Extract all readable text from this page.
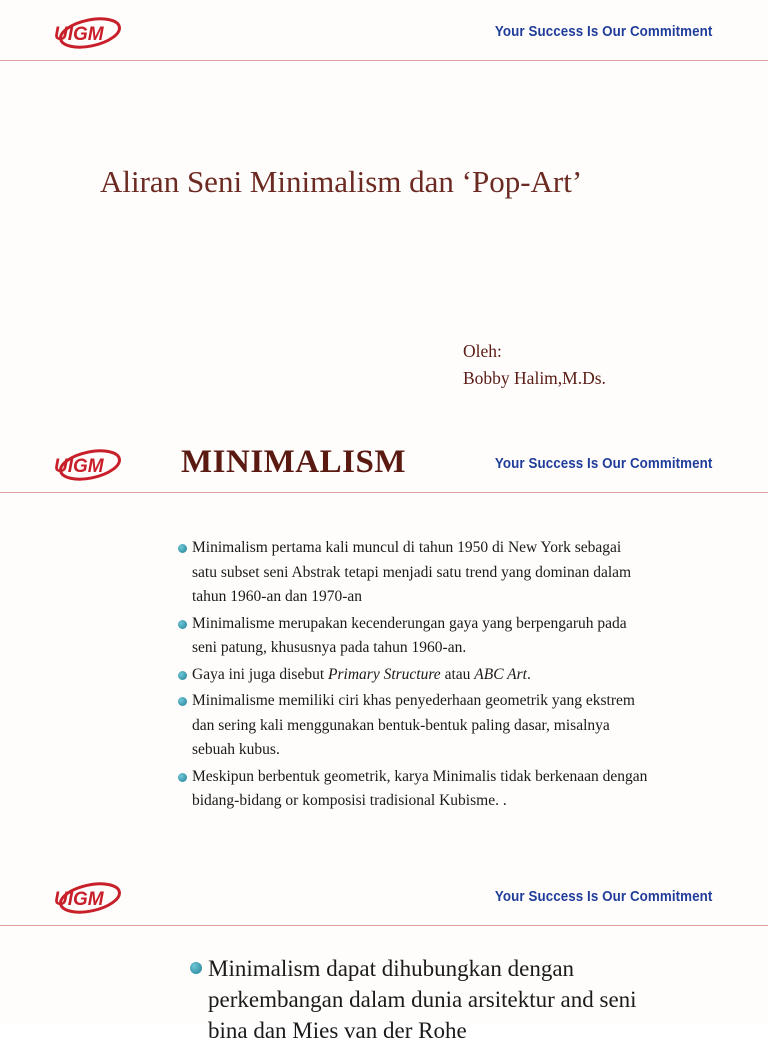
UIGM	Your Success Is Our Commitment
Aliran Seni Minimalism dan ‘Pop-Art’
Oleh:
Bobby Halim,M.Ds.
UIGM MINIMALISM	Your Success Is Our Commitment
Minimalism pertama kali muncul di tahun 1950 di New York sebagai satu subset seni Abstrak tetapi menjadi satu trend yang dominan dalam tahun 1960-an dan 1970-an
Minimalisme merupakan kecenderungan gaya yang berpengaruh pada seni patung, khususnya pada tahun 1960-an.
Gaya ini juga disebut Primary Structure atau ABC Art.
Minimalisme memiliki ciri khas penyederhaan geometrik yang ekstrem dan sering kali menggunakan bentuk-bentuk paling dasar, misalnya sebuah kubus.
Meskipun berbentuk geometrik, karya Minimalis tidak berkenaan dengan bidang-bidang or komposisi tradisional Kubisme. .
UIGM	Your Success Is Our Commitment
Minimalism dapat dihubungkan dengan perkembangan dalam dunia arsitektur and seni bina dan Mies van der Rohe
